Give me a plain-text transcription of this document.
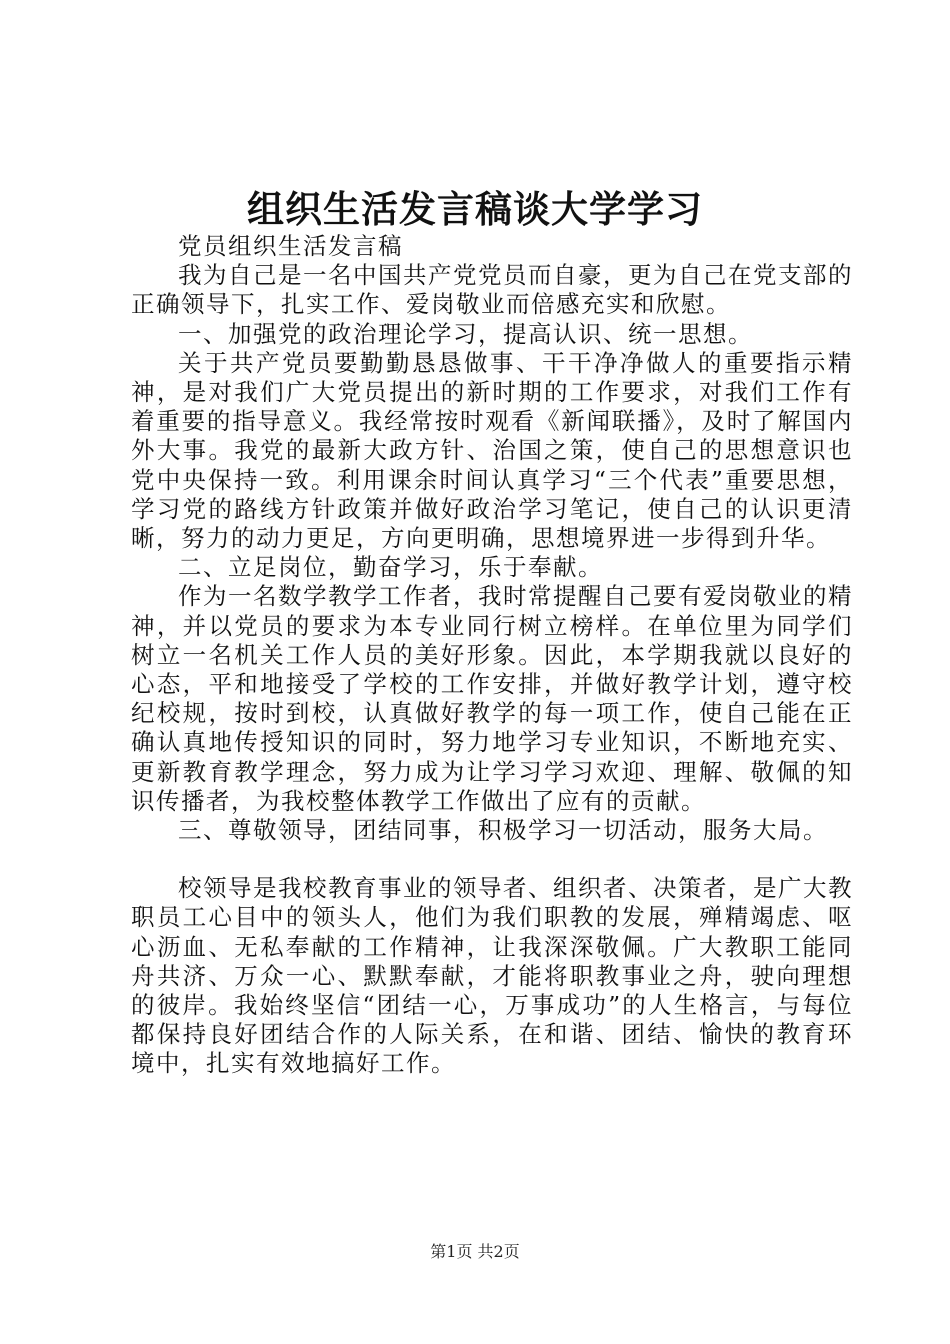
组织生活发言稿谈大学学习

党员组织生活发言稿

我为自己是一名中国共产党党员而自豪，更为自己在党支部的正确领导下，扎实工作、爱岗敬业而倍感充实和欣慰。

一、加强党的政治理论学习，提高认识、统一思想。

关于共产党员要勤勤恳恳做事、干干净净做人的重要指示精神，是对我们广大党员提出的新时期的工作要求，对我们工作有着重要的指导意义。我经常按时观看《新闻联播》，及时了解国内外大事。我党的最新大政方针、治国之策，使自己的思想意识也党中央保持一致。利用课余时间认真学习“三个代表”重要思想，学习党的路线方针政策并做好政治学习笔记，使自己的认识更清晰，努力的动力更足，方向更明确，思想境界进一步得到升华。

二、立足岗位，勤奋学习，乐于奉献。

作为一名数学教学工作者，我时常提醒自己要有爱岗敬业的精神，并以党员的要求为本专业同行树立榜样。在单位里为同学们树立一名机关工作人员的美好形象。因此，本学期我就以良好的心态，平和地接受了学校的工作安排，并做好教学计划，遵守校纪校规，按时到校，认真做好教学的每一项工作，使自己能在正确认真地传授知识的同时，努力地学习专业知识，不断地充实、更新教育教学理念，努力成为让学习学习欢迎、理解、敬佩的知识传播者，为我校整体教学工作做出了应有的贡献。

三、尊敬领导，团结同事，积极学习一切活动，服务大局。

校领导是我校教育事业的领导者、组织者、决策者，是广大教职员工心目中的领头人，他们为我们职教的发展，殚精竭虑、呕心沥血、无私奉献的工作精神，让我深深敬佩。广大教职工能同舟共济、万众一心、默默奉献，才能将职教事业之舟，驶向理想的彼岸。我始终坚信“团结一心，万事成功”的人生格言，与每位都保持良好团结合作的人际关系，在和谐、团结、愉快的教育环境中，扎实有效地搞好工作。

第1页 共2页
